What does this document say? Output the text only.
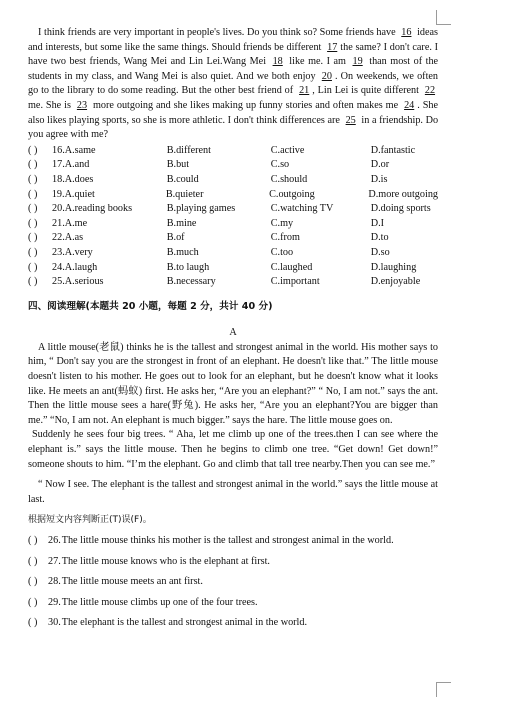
I think friends are very important in people's lives. Do you think so? Some friends have 16 ideas and interests, but some like the same things. Should friends be different 17 the same? I don't care. I have two best friends, Wang Mei and Lin Lei.Wang Mei 18 like me. I am 19 than most of the students in my class, and Wang Mei is also quiet. And we both enjoy 20 . On weekends, we often go to the library to do some reading. But the other best friend of 21 , Lin Lei is quite different 22 me. She is 23 more outgoing and she likes making up funny stories and often makes me 24 . She also likes playing sports, so she is more athletic. I don't think differences are 25 in a friendship. Do you agree with me?

( )	16 . A.same	B.different	C.active	D.fantastic
( )	17 . A.and	B.but	C.so	D.or
( )	18 . A.does	B.could	C.should	D.is
( )	19 . A.quiet	B.quieter	C.outgoing	D.more outgoing
( )	20 . A.reading books	B.playing games	C.watching TV	D.doing sports
( )	21 . A.me	B.mine	C.my	D.I
( )	22 . A.as	B.of	C.from	D.to
( )	23 . A.very	B.much	C.too	D.so
( )	24 . A.laugh	B.to laugh	C.laughed	D.laughing
( )	25 . A.serious	B.necessary	C.important	D.enjoyable
四、阅读理解(本题共 20 小题，每题 2 分，共计 40 分)
A

A little mouse(老鼠) thinks he is the tallest and strongest animal in the world. His mother says to him, “ Don't say you are the strongest in front of an elephant. He doesn't like that.” The little mouse doesn't listen to his mother. He goes out to look for an elephant, but he doesn't know what it looks like. He meets an ant(蚂蚁) first. He asks her, “Are you an elephant?” “ No, I am not.” says the ant. Then the little mouse sees a hare(野兔). He asks her, “Are you an elephant?You are bigger than me.” “No, I am not. An elephant is much bigger.” says the hare. The little mouse goes on.

Suddenly he sees four big trees. “ Aha, let me climb up one of the trees.then I can see where the elephant is.” says the little mouse. Then he begins to climb one tree. “Get down! Get down!” someone shouts to him. “I’m the elephant. Go and climb that tall tree nearby.Then you can see me.”

“ Now I see. The elephant is the tallest and strongest animal in the world.” says the little mouse at last.

根据短文内容判断正(T)误(F)。
( )	26 . The little mouse thinks his mother is the tallest and strongest animal in the world.
( )	27 . The little mouse knows who is the elephant at first.
( )	28 . The little mouse meets an ant first.
( )	29 . The little mouse climbs up one of the four trees.
( )	30 . The elephant is the tallest and strongest animal in the world.
